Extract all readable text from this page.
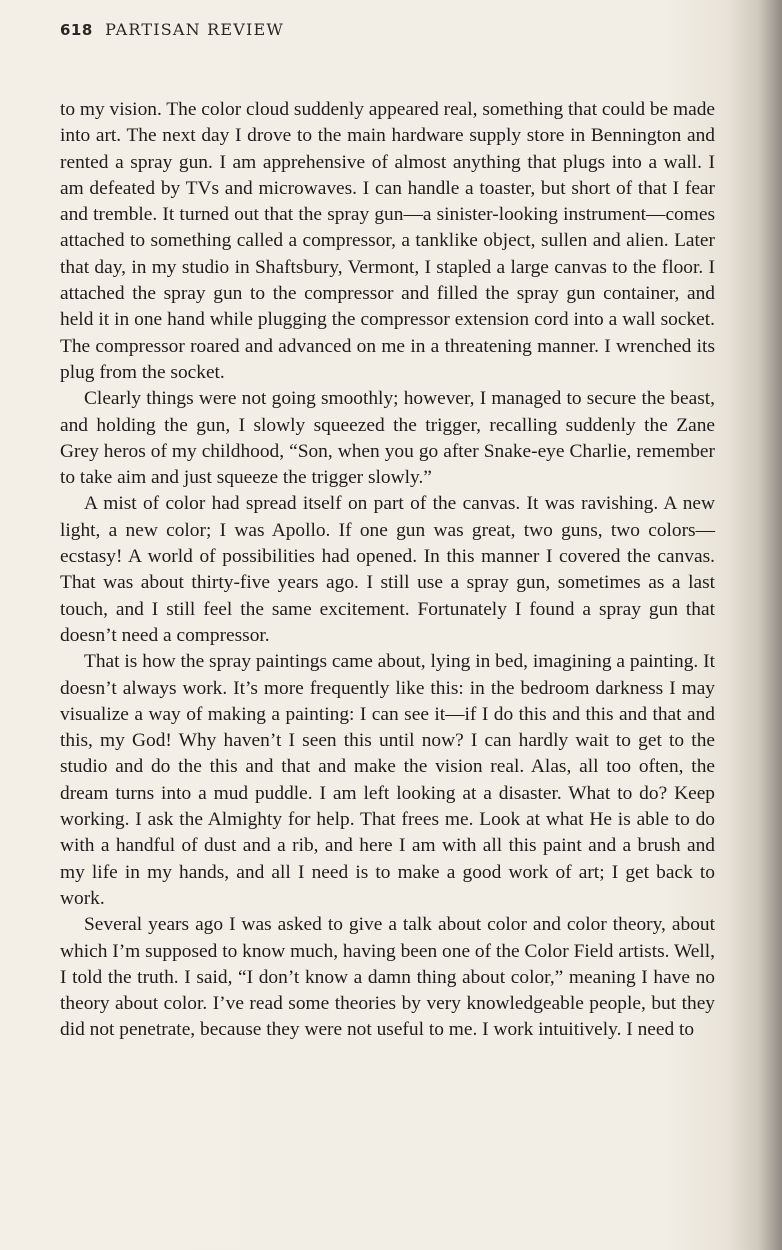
618 PARTISAN REVIEW

to my vision. The color cloud suddenly appeared real, something that could be made into art. The next day I drove to the main hardware supply store in Bennington and rented a spray gun. I am apprehensive of almost anything that plugs into a wall. I am defeated by TVs and microwaves. I can handle a toaster, but short of that I fear and tremble. It turned out that the spray gun—a sinister-looking instrument—comes attached to something called a compressor, a tanklike object, sullen and alien. Later that day, in my studio in Shaftsbury, Vermont, I stapled a large canvas to the floor. I attached the spray gun to the compressor and filled the spray gun container, and held it in one hand while plugging the compressor extension cord into a wall socket. The compressor roared and advanced on me in a threatening manner. I wrenched its plug from the socket.

Clearly things were not going smoothly; however, I managed to secure the beast, and holding the gun, I slowly squeezed the trigger, recalling suddenly the Zane Grey heros of my childhood, “Son, when you go after Snake-eye Charlie, remember to take aim and just squeeze the trigger slowly.”

A mist of color had spread itself on part of the canvas. It was ravishing. A new light, a new color; I was Apollo. If one gun was great, two guns, two colors—ecstasy! A world of possibilities had opened. In this manner I covered the canvas. That was about thirty-five years ago. I still use a spray gun, sometimes as a last touch, and I still feel the same excitement. Fortunately I found a spray gun that doesn’t need a compressor.

That is how the spray paintings came about, lying in bed, imagining a painting. It doesn’t always work. It’s more frequently like this: in the bedroom darkness I may visualize a way of making a painting: I can see it—if I do this and this and that and this, my God! Why haven’t I seen this until now? I can hardly wait to get to the studio and do the this and that and make the vision real. Alas, all too often, the dream turns into a mud puddle. I am left looking at a disaster. What to do? Keep working. I ask the Almighty for help. That frees me. Look at what He is able to do with a handful of dust and a rib, and here I am with all this paint and a brush and my life in my hands, and all I need is to make a good work of art; I get back to work.

Several years ago I was asked to give a talk about color and color theory, about which I’m supposed to know much, having been one of the Color Field artists. Well, I told the truth. I said, “I don’t know a damn thing about color,” meaning I have no theory about color. I’ve read some theories by very knowledgeable people, but they did not penetrate, because they were not useful to me. I work intuitively. I need to
